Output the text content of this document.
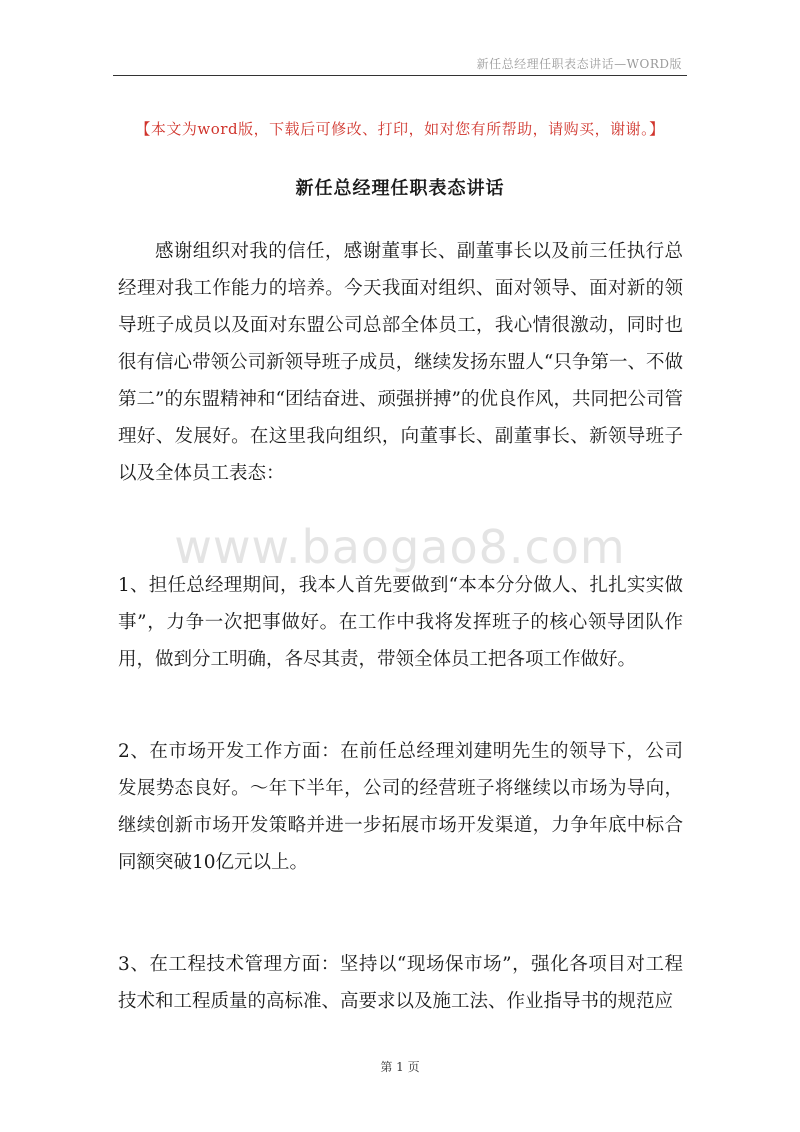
新任总经理任职表态讲话—WORD版
【本文为word版，下载后可修改、打印，如对您有所帮助，请购买，谢谢。】
新任总经理任职表态讲话

感谢组织对我的信任，感谢董事长、副董事长以及前三任执行总经理对我工作能力的培养。今天我面对组织、面对领导、面对新的领导班子成员以及面对东盟公司总部全体员工，我心情很激动，同时也很有信心带领公司新领导班子成员，继续发扬东盟人“只争第一、不做第二”的东盟精神和“团结奋进、顽强拼搏”的优良作风，共同把公司管理好、发展好。在这里我向组织，向董事长、副董事长、新领导班子以及全体员工表态：

www.baogao8.com

1、担任总经理期间，我本人首先要做到“本本分分做人、扎扎实实做事”，力争一次把事做好。在工作中我将发挥班子的核心领导团队作用，做到分工明确，各尽其责，带领全体员工把各项工作做好。

2、在市场开发工作方面：在前任总经理刘建明先生的领导下，公司发展势态良好。～年下半年，公司的经营班子将继续以市场为导向，继续创新市场开发策略并进一步拓展市场开发渠道，力争年底中标合同额突破10亿元以上。

3、在工程技术管理方面：坚持以“现场保市场”，强化各项目对工程技术和工程质量的高标准、高要求以及施工法、作业指导书的规范应

第 1 页
